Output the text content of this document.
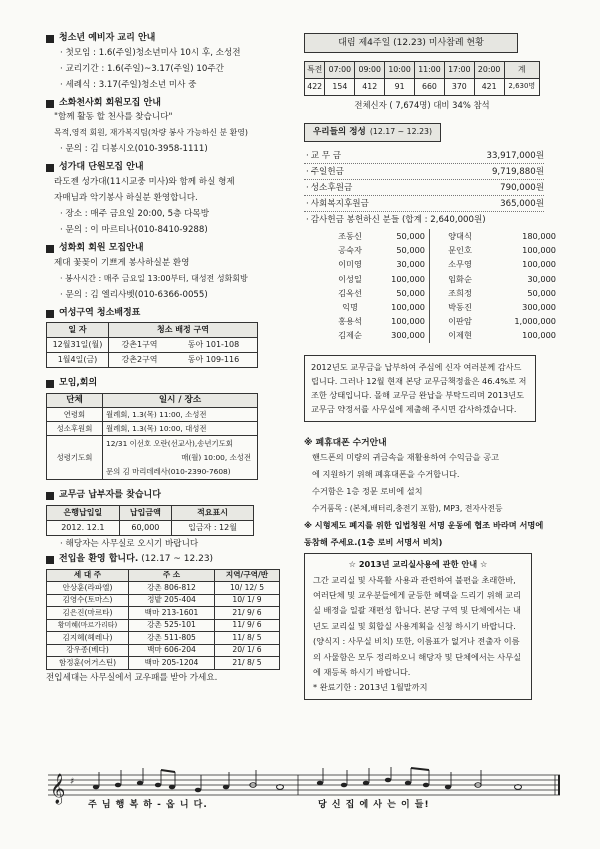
청소년 예비자 교리 안내
· 첫모임 : 1.6(주일)청소년미사 10시 후, 소성전
· 교리기간 : 1.6(주일)~3.17(주일) 10주간
· 세례식 : 3.17(주일)청소년 미사 중
소화천사회 회원모집 안내
"함께 활동 할 천사를 찾습니다"
목적,영적 회원, 재가복지팀(차량 봉사 가능하신 분 환영)
· 문의 : 김 디봉시오(010-3958-1111)
성가대 단원모집 안내
라도젠 성가대(11시교중 미사)와 함께 하실 형제
자매님과 악기봉사 하실분 환영합니다.
· 장소 : 매주 금요일 20:00, 5층 다목방
· 문의 : 이 마르티나(010-8410-9288)
성화회 회원 모집안내
제대 꽃꽂이 기쁘게 봉사하실분 환영
· 봉사시간 : 매주 금요일 13:00부터, 대성전 성화회방
· 문의 : 김 엘리사벳(010-6366-0055)
여성구역 청소배정표
일 자	청소 배정 구역	
12월31일(월)	강촌1구역	동아 101-108
1월4일(금)	강촌2구역	동아 109-116
모임,회의
단체	일시 / 장소
연령회	월례회, 1.3(목) 11:00, 소성전
성소후원회	월례회, 1.3(목) 10:00, 대성전
성령기도회	12/31 이선호 오란(선교사),송년기도회
매(월) 10:00, 소성전
문의 김 마리데레사(010-2390-7608)
교무금 납부자를 찾습니다
은행납입일	납입금액	적요표시
2012. 12.1	60,000	입금자 : 12월
· 해당자는 사무실로 오시기 바랍니다
전입을 환영 합니다. (12.17 ~ 12.23)
세 대 주	주 소	지역/구역/반
안상훈(라파엘)	강촌 806-812	10/ 12/ 5
김영수(토마스)	정밭 205-404	10/ 1/ 9
김은진(마르타)	백마 213-1601	21/ 9/ 6
황미혜(마르가리타)	강촌 525-101	11/ 9/ 6
김지혜(헤레나)	강촌 511-805	11/ 8/ 5
강우종(베다)	백마 606-204	20/ 1/ 6
함정훈(어거스틴)	백마 205-1204	21/ 8/ 5
전입세대는 사무실에서 교우패를 받아 가세요.
대림 제4주일 (12.23) 미사참례 현황
특전	07:00	09:00	10:00	11:00	17:00	20:00	계
422	154	412	91	660	370	421	2,630명
전체신자 ( 7,674명) 대비 34% 참석
우리들의 정성 (12.17 ~ 12.23)
· 교 무 금	33,917,000원
· 주일헌금	9,719,880원
· 성소후원금	790,000원
· 사회복지후원금	365,000원
· 감사헌금 봉헌하신 분들 (합계 : 2,640,000원)
조동신	50,000	양대식	180,000
공숙자	50,000	문인호	100,000
이미영	30,000	소무영	100,000
이성일	100,000	임화순	30,000
김옥선	50,000	조희정	50,000
익명	100,000	박동진	300,000
홍용석	100,000	이판암	1,000,000
김제순	300,000	이제현	100,000
2012년도 교무금을 납부하여 주심에 신자 여러분께 감사드립니다. 그러나 12월 현재 본당 교무금책정율은 46.4%로 저조한 상태입니다. 몰해 교무금 완납을 부탁드리며 2013년도 교무금 약정서를 사무실에 제출해 주시면 감사하겠습니다.
※ 폐휴대폰 수거안내
핸드폰의 미량의 귀금속을 재활용하여 수익금을 공고
에 지원하기 위해 폐휴대폰을 수거합니다.
수거함은 1층 정문 로비에 설치
수거품목 : (본체,배터리,충전기 포함), MP3, 전자사전등
※ 시형제도 폐지를 위한 입법청원 서명 운동에 협조 바라며 서명에 동참해 주세요.(1층 로비 서명서 비치)
☆ 2013년 교리실사용에 관한 안내 ☆
그간 교리실 및 사목활 사용과 관련하여 불편을 초래한바, 여러단체 및 교우분들에게 균등한 혜택을 드리기 위해 교리실 배정을 일괄 재편성 합니다. 본당 구역 및 단체에서는 내년도 교리실 및 회합실 사용계획을 신청 하시기 바랍니다.(양식지 : 사무실 비치) 또한, 이름표가 없거나 전출자 이름의 사물함은 모두 정리하오니 해당자 및 단체에서는 사무실에 재등록 하시기 바랍니다.
* 완료기한 : 2013년 1월말까지
𝄞 ♯
주 님 행 복 하 - 옵 니 다.	당 신 집 에 사 는 이 들!
